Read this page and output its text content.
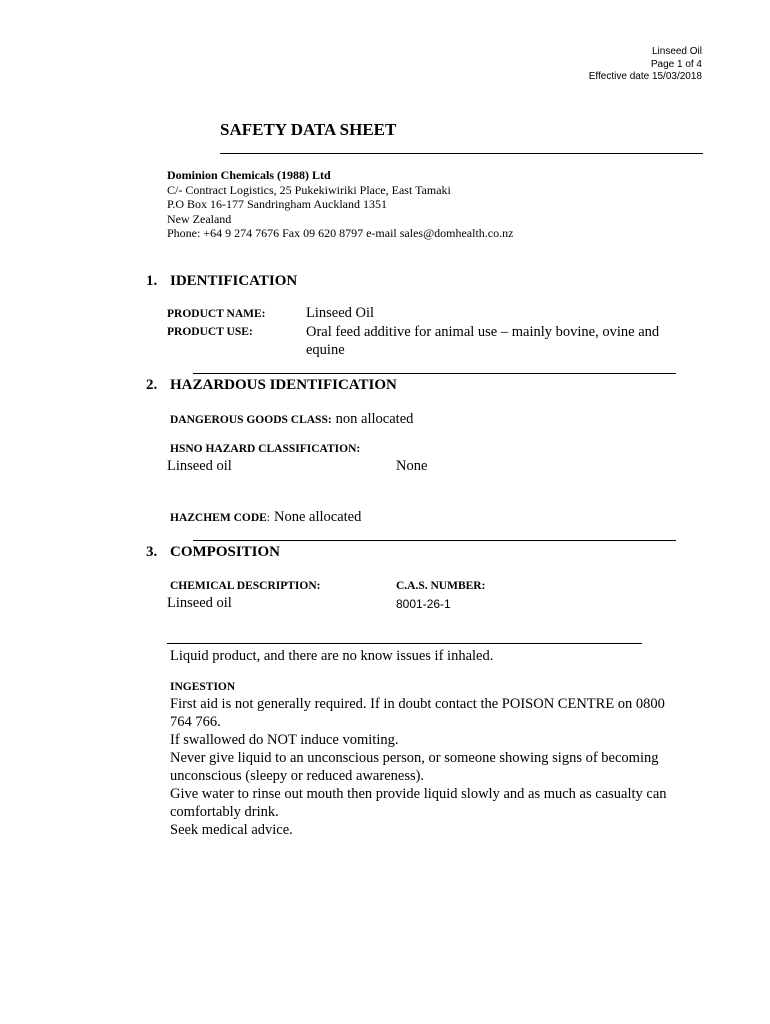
Linseed Oil
Page 1 of 4
Effective date 15/03/2018
SAFETY DATA SHEET
Dominion Chemicals (1988) Ltd
C/- Contract Logistics, 25 Pukekiwiriki Place, East Tamaki
P.O Box 16-177 Sandringham Auckland 1351
New Zealand
Phone: +64 9 274 7676 Fax 09 620 8797 e-mail sales@domhealth.co.nz
1. IDENTIFICATION
PRODUCT NAME:	Linseed Oil
PRODUCT USE:	Oral feed additive for animal use – mainly bovine, ovine and
equine
2. HAZARDOUS IDENTIFICATION
DANGEROUS GOODS CLASS: non allocated
HSNO HAZARD CLASSIFICATION:
Linseed oil	None
HAZCHEM CODE: None allocated
3. COMPOSITION
CHEMICAL DESCRIPTION:	C.A.S. NUMBER:
Linseed oil	8001-26-1
Liquid product, and there are no know issues if inhaled.
INGESTION
First aid is not generally required. If in doubt contact the POISON CENTRE on 0800
764 766.
If swallowed do NOT induce vomiting.
Never give liquid to an unconscious person, or someone showing signs of becoming
unconscious (sleepy or reduced awareness).
Give water to rinse out mouth then provide liquid slowly and as much as casualty can
comfortably drink.
Seek medical advice.
